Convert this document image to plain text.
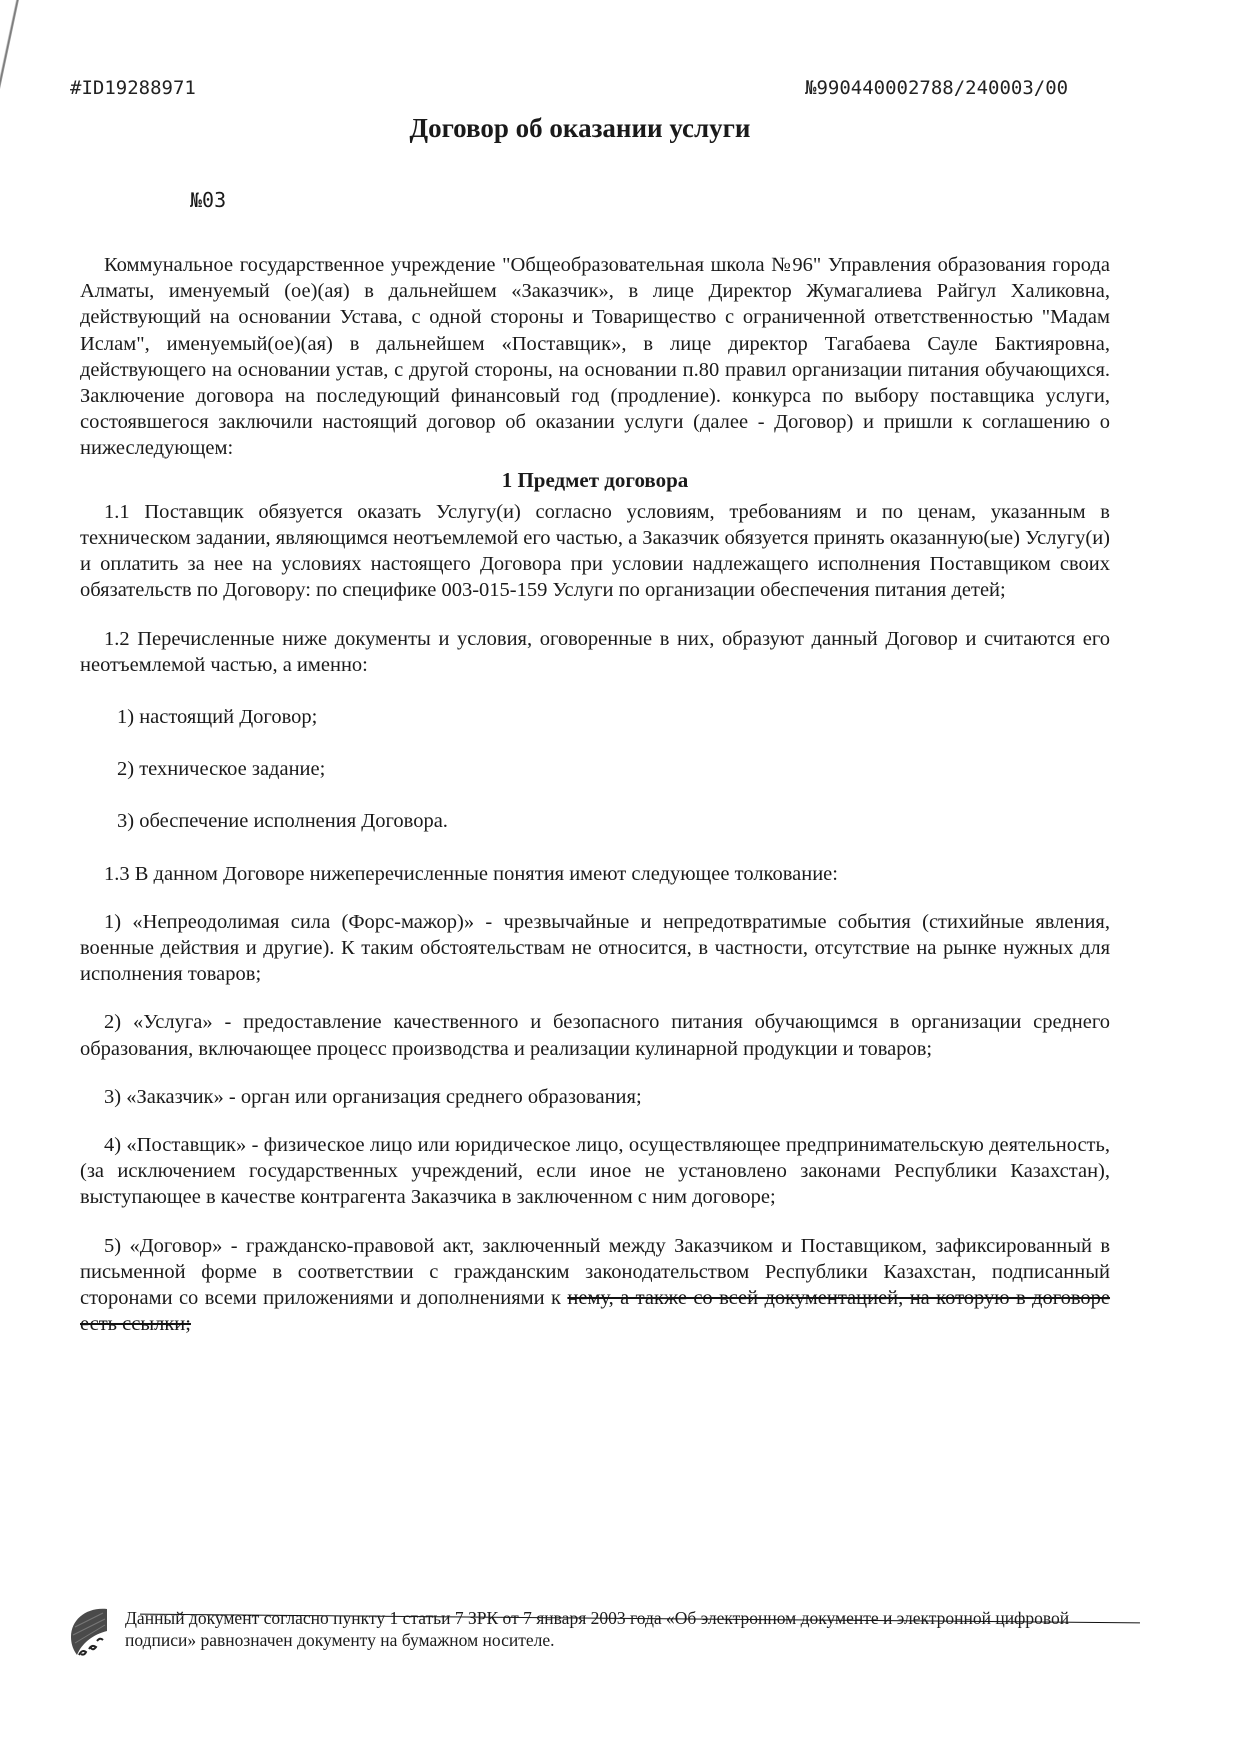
#ID19288971	№990440002788/240003/00
Договор об оказании услуги
№03

Коммунальное государственное учреждение "Общеобразовательная школа №96" Управления образования города Алматы, именуемый (ое)(ая) в дальнейшем «Заказчик», в лице Директор Жумагалиева Райгул Халиковна, действующий на основании Устава, с одной стороны и Товарищество с ограниченной ответственностью "Мадам Ислам", именуемый(ое)(ая) в дальнейшем «Поставщик», в лице директор Тагабаева Сауле Бактияровна, действующего на основании устав, с другой стороны, на основании п.80 правил организации питания обучающихся. Заключение договора на последующий финансовый год (продление). конкурса по выбору поставщика услуги, состоявшегося заключили настоящий договор об оказании услуги (далее - Договор) и пришли к соглашению о нижеследующем:

1 Предмет договора

1.1 Поставщик обязуется оказать Услугу(и) согласно условиям, требованиям и по ценам, указанным в техническом задании, являющимся неотъемлемой его частью, а Заказчик обязуется принять оказанную(ые) Услугу(и) и оплатить за нее на условиях настоящего Договора при условии надлежащего исполнения Поставщиком своих обязательств по Договору: по специфике 003-015-159 Услуги по организации обеспечения питания детей;

1.2 Перечисленные ниже документы и условия, оговоренные в них, образуют данный Договор и считаются его неотъемлемой частью, а именно:

1) настоящий Договор;

2) техническое задание;

3) обеспечение исполнения Договора.

1.3 В данном Договоре нижеперечисленные понятия имеют следующее толкование:

1) «Непреодолимая сила (Форс-мажор)» - чрезвычайные и непредотвратимые события (стихийные явления, военные действия и другие). К таким обстоятельствам не относится, в частности, отсутствие на рынке нужных для исполнения товаров;

2) «Услуга» - предоставление качественного и безопасного питания обучающимся в организации среднего образования, включающее процесс производства и реализации кулинарной продукции и товаров;

3) «Заказчик» - орган или организация среднего образования;

4) «Поставщик» - физическое лицо или юридическое лицо, осуществляющее предпринимательскую деятельность, (за исключением государственных учреждений, если иное не установлено законами Республики Казахстан), выступающее в качестве контрагента Заказчика в заключенном с ним договоре;

5) «Договор» - гражданско-правовой акт, заключенный между Заказчиком и Поставщиком, зафиксированный в письменной форме в соответствии с гражданским законодательством Республики Казахстан, подписанный сторонами со всеми приложениями и дополнениями к нему, а также со всей документацией, на которую в договоре есть ссылки;

Данный документ согласно пункту 1 статьи 7 ЗРК от 7 января 2003 года «Об электронном документе и электронной цифровой подписи» равнозначен документу на бумажном носителе.
